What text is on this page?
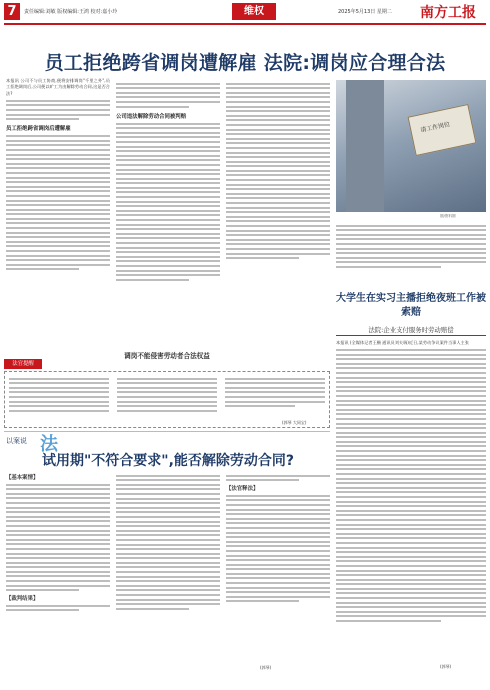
7	责任编辑:刘敏 版权编辑:王鸿 校对:嘉小玲	维权	2025年5月13日 星期二 南方工报
员工拒绝跨省调岗遭解雇 法院:调岗应合理合法

本报讯 公司不与员工协商,便将安排调岗"千里之外",员工拒绝调岗后,公司便以旷工为由解除劳动合同,这是否合法?

员工拒绝跨省调岗后遭解雇
公司违法解除劳动合同被判赔
请工作岗位
图/资料图
调岗不能侵害劳动者合法权益
法官提醒
(郭琴 大同宝)
大学生在实习主播拒绝夜班工作被索赔
法院:企业支付服务时劳动赔偿

本报讯 (全媒体记者王栅 通讯员刘夫瑞)近日,某劳动争议案件当事人主张

(郭琴)
以案说 法
试用期"不符合要求",能否解除劳动合同?
【基本案情】
【裁判结果】
【法官释法】
(郭琴)
